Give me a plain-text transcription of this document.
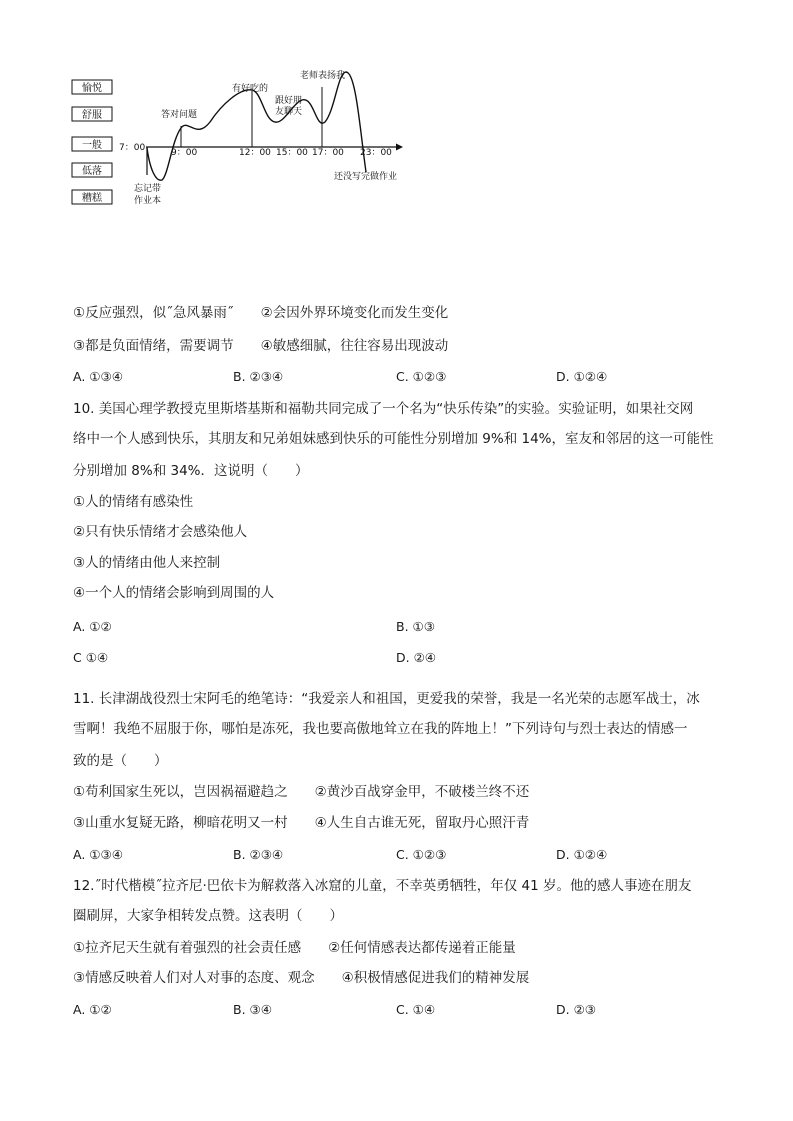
愉悦
舒服
一般
低落
糟糕
7：00	9：00	12：00 15：00 17：00 23：00
答对问题
有好吃的
跟好朋
友聊天
老师表扬我
忘记带
作业本
还没写完做作业
①反应强烈，似˝急风暴雨˝　　②会因外界环境变化而发生变化
③都是负面情绪，需要调节　　④敏感细腻，往往容易出现波动
A. ①③④	B. ②③④	C. ①②③	D. ①②④
10. 美国心理学教授克里斯塔基斯和福勒共同完成了一个名为“快乐传染”的实验。实验证明，如果社交网
络中一个人感到快乐，其朋友和兄弟姐妹感到快乐的可能性分别增加 9%和 14%，室友和邻居的这一可能性
分别增加 8%和 34%．这说明（　　）
①人的情绪有感染性
②只有快乐情绪才会感染他人
③人的情绪由他人来控制
④一个人的情绪会影响到周围的人
A. ①②	B. ①③
C ①④	D. ②④
11. 长津湖战役烈士宋阿毛的绝笔诗：“我爱亲人和祖国，更爱我的荣誉，我是一名光荣的志愿军战士，冰
雪啊！我绝不屈服于你，哪怕是冻死，我也要高傲地耸立在我的阵地上！”下列诗句与烈士表达的情感一
致的是（　　）
①苟利国家生死以，岂因祸福避趋之　　②黄沙百战穿金甲，不破楼兰终不还
③山重水复疑无路，柳暗花明又一村　　④人生自古谁无死，留取丹心照汗青
A. ①③④	B. ②③④	C. ①②③	D. ①②④
12.˝时代楷模˝拉齐尼·巴依卡为解救落入冰窟的儿童，不幸英勇牺牲，年仅 41 岁。他的感人事迹在朋友
圈刷屏，大家争相转发点赞。这表明（　　）
①拉齐尼天生就有着强烈的社会责任感　　②任何情感表达都传递着正能量
③情感反映着人们对人对事的态度、观念　　④积极情感促进我们的精神发展
A. ①②	B. ③④	C. ①④	D. ②③
